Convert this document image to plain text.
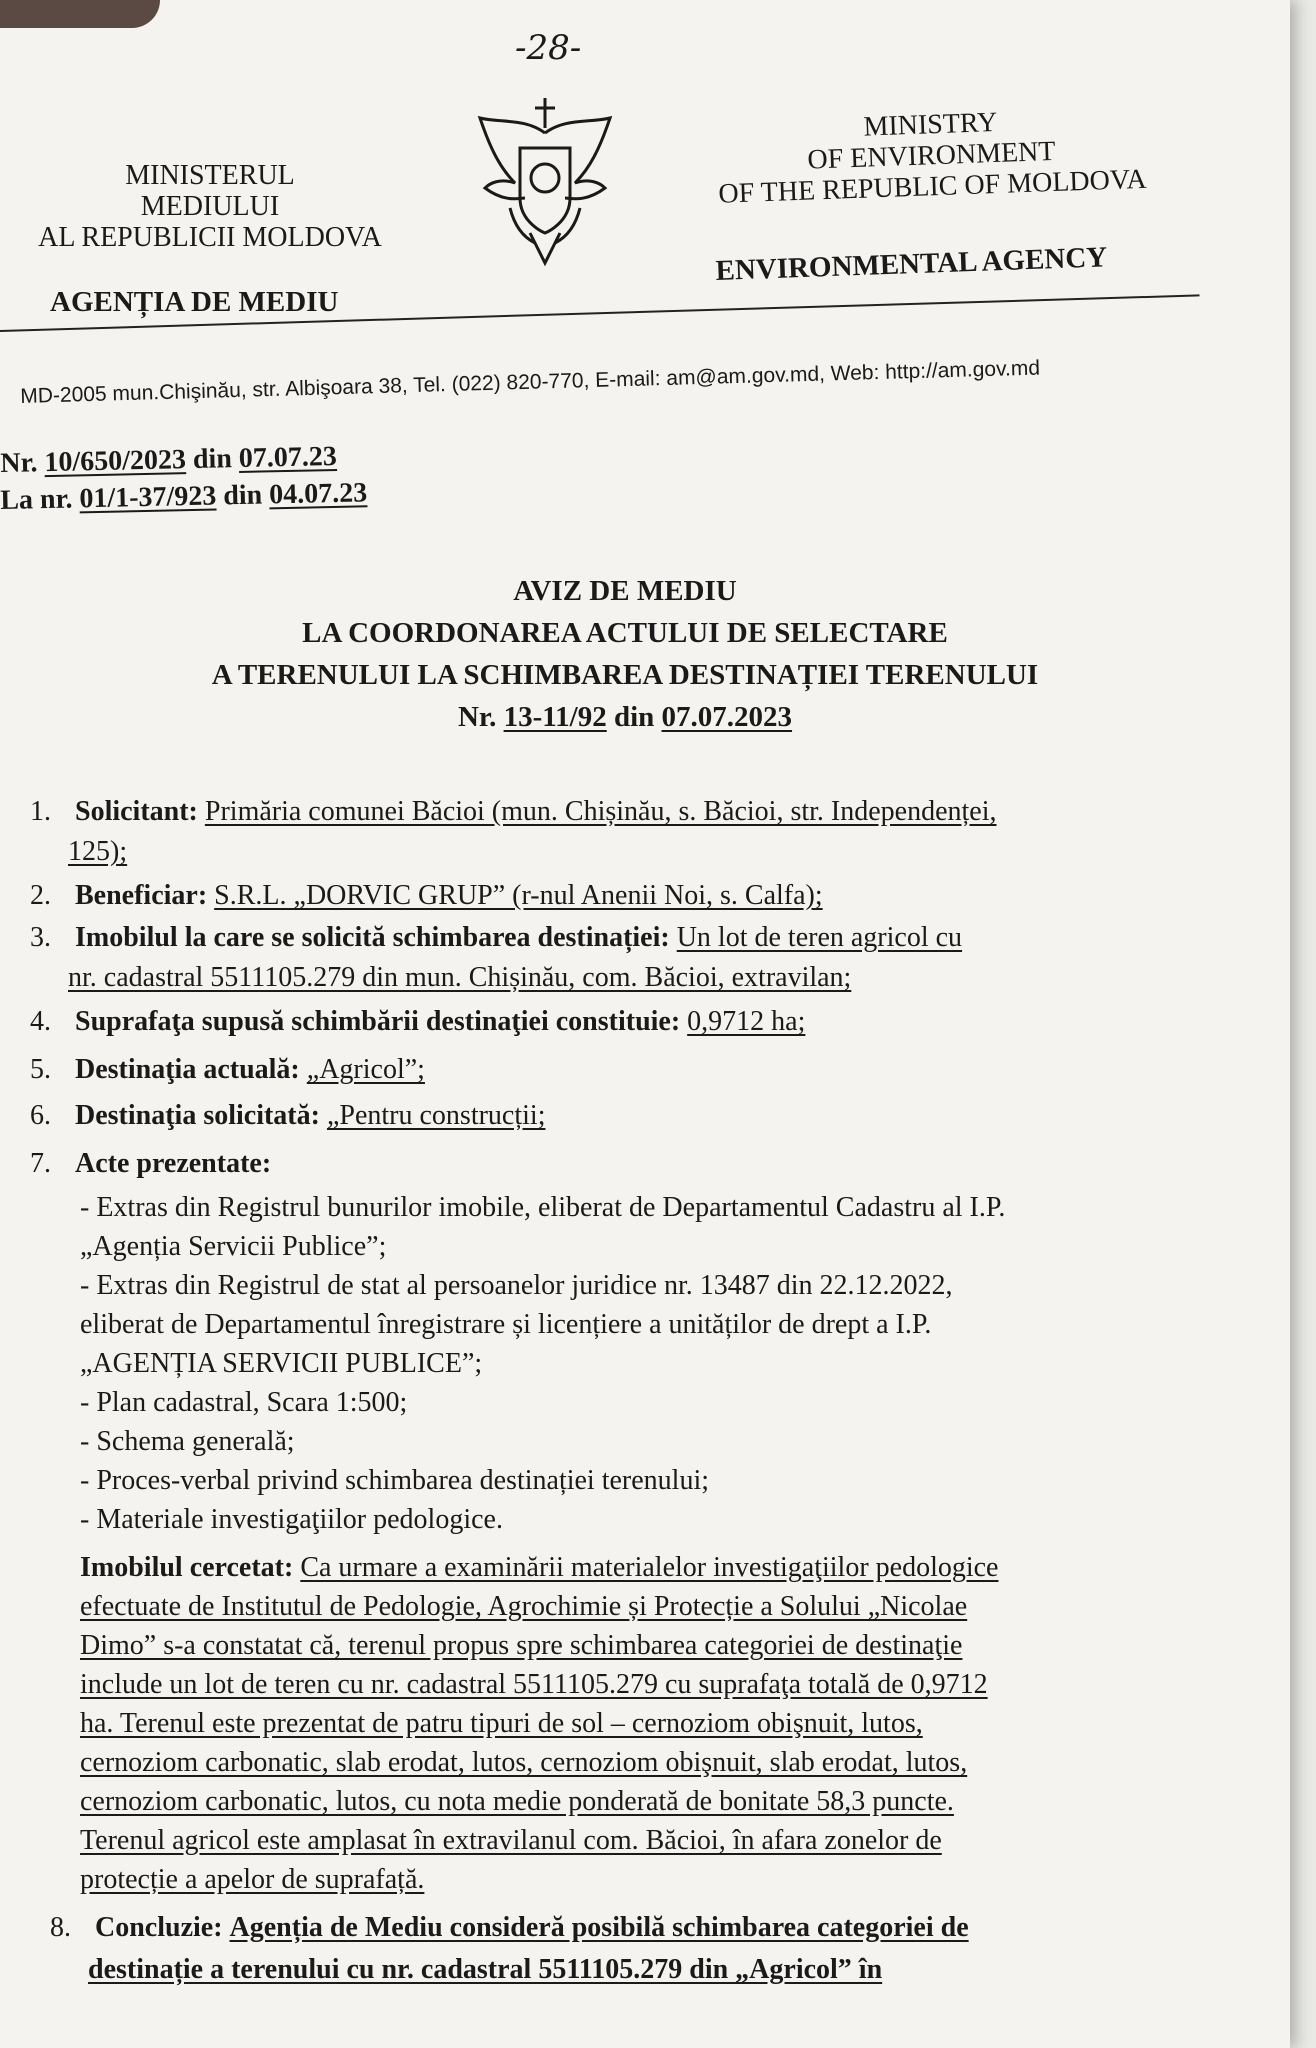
-28-
MINISTERUL
MEDIULUI
AL REPUBLICII MOLDOVA
MINISTRY
OF ENVIRONMENT
OF THE REPUBLIC OF MOLDOVA
AGENȚIA DE MEDIU
ENVIRONMENTAL AGENCY
MD-2005 mun.Chişinău, str. Albişoara 38, Tel. (022) 820-770, E-mail: am@am.gov.md, Web: http://am.gov.md
Nr. 10/650/2023 din 07.07.23
La nr. 01/1-37/923 din 04.07.23
AVIZ DE MEDIU
LA COORDONAREA ACTULUI DE SELECTARE
A TERENULUI LA SCHIMBAREA DESTINAȚIEI TERENULUI
Nr. 13-11/92 din 07.07.2023
1. Solicitant: Primăria comunei Băcioi (mun. Chișinău, s. Băcioi, str. Independenței,
125);
2. Beneficiar: S.R.L. „DORVIC GRUP” (r-nul Anenii Noi, s. Calfa);
3. Imobilul la care se solicită schimbarea destinației: Un lot de teren agricol cu
nr. cadastral 5511105.279 din mun. Chișinău, com. Băcioi, extravilan;
4. Suprafaţa supusă schimbării destinaţiei constituie: 0,9712 ha;
5. Destinaţia actuală: „Agricol”;
6. Destinaţia solicitată: „Pentru construcții;
7. Acte prezentate:
- Extras din Registrul bunurilor imobile, eliberat de Departamentul Cadastru al I.P.
„Agenția Servicii Publice”;
- Extras din Registrul de stat al persoanelor juridice nr. 13487 din 22.12.2022,
eliberat de Departamentul înregistrare și licențiere a unităților de drept a I.P.
„AGENȚIA SERVICII PUBLICE”;
- Plan cadastral, Scara 1:500;
- Schema generală;
- Proces-verbal privind schimbarea destinației terenului;
- Materiale investigaţiilor pedologice.
Imobilul cercetat: Ca urmare a examinării materialelor investigaţiilor pedologice
efectuate de Institutul de Pedologie, Agrochimie și Protecție a Solului „Nicolae
Dimo” s-a constatat că, terenul propus spre schimbarea categoriei de destinaţie
include un lot de teren cu nr. cadastral 5511105.279 cu suprafaţa totală de 0,9712
ha. Terenul este prezentat de patru tipuri de sol – cernoziom obişnuit, lutos,
cernoziom carbonatic, slab erodat, lutos, cernoziom obişnuit, slab erodat, lutos,
cernoziom carbonatic, lutos, cu nota medie ponderată de bonitate 58,3 puncte.
Terenul agricol este amplasat în extravilanul com. Băcioi, în afara zonelor de
protecție a apelor de suprafață.
8. Concluzie: Agenția de Mediu consideră posibilă schimbarea categoriei de
destinație a terenului cu nr. cadastral 5511105.279 din „Agricol” în
